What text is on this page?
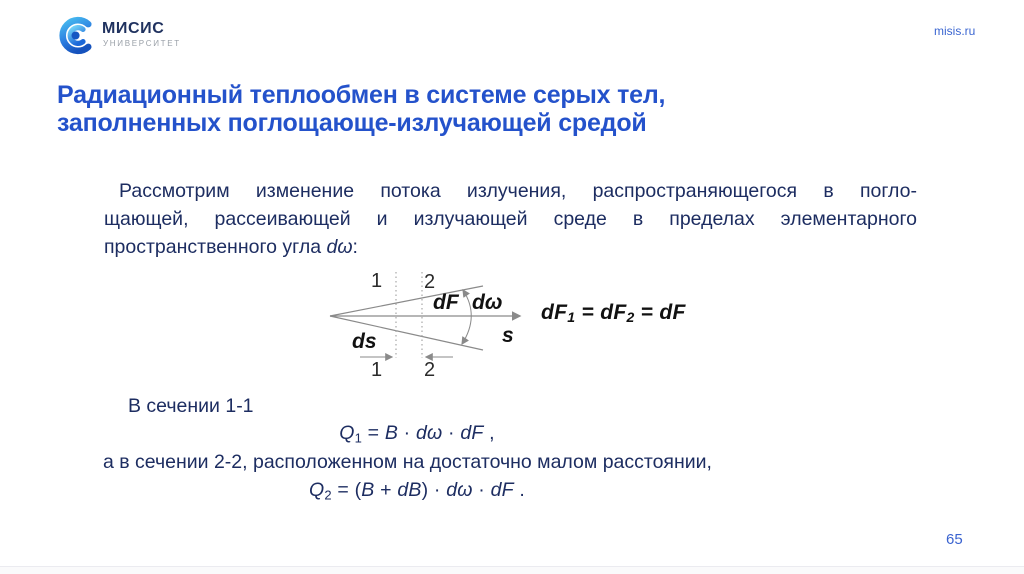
МИСИС
УНИВЕРСИТЕТ
misis.ru
Радиационный теплообмен в системе серых тел,
заполненных поглощающе-излучающей средой
Рассмотрим изменение потока излучения, распространяющегося в погло-
щающей, рассеивающей и излучающей среде в пределах элементарного
пространственного угла dω:
1 2
1 2
dF dω
ds	s
$dF_1 = dF_2$ = dF
В сечении 1-1
$Q_1 = B \cdot d\omega$ · dF ,
а в сечении 2-2, расположенном на достаточно малом расстоянии,
$Q_2 = (B + dB) \cdot d\omega$ · dF .
65
